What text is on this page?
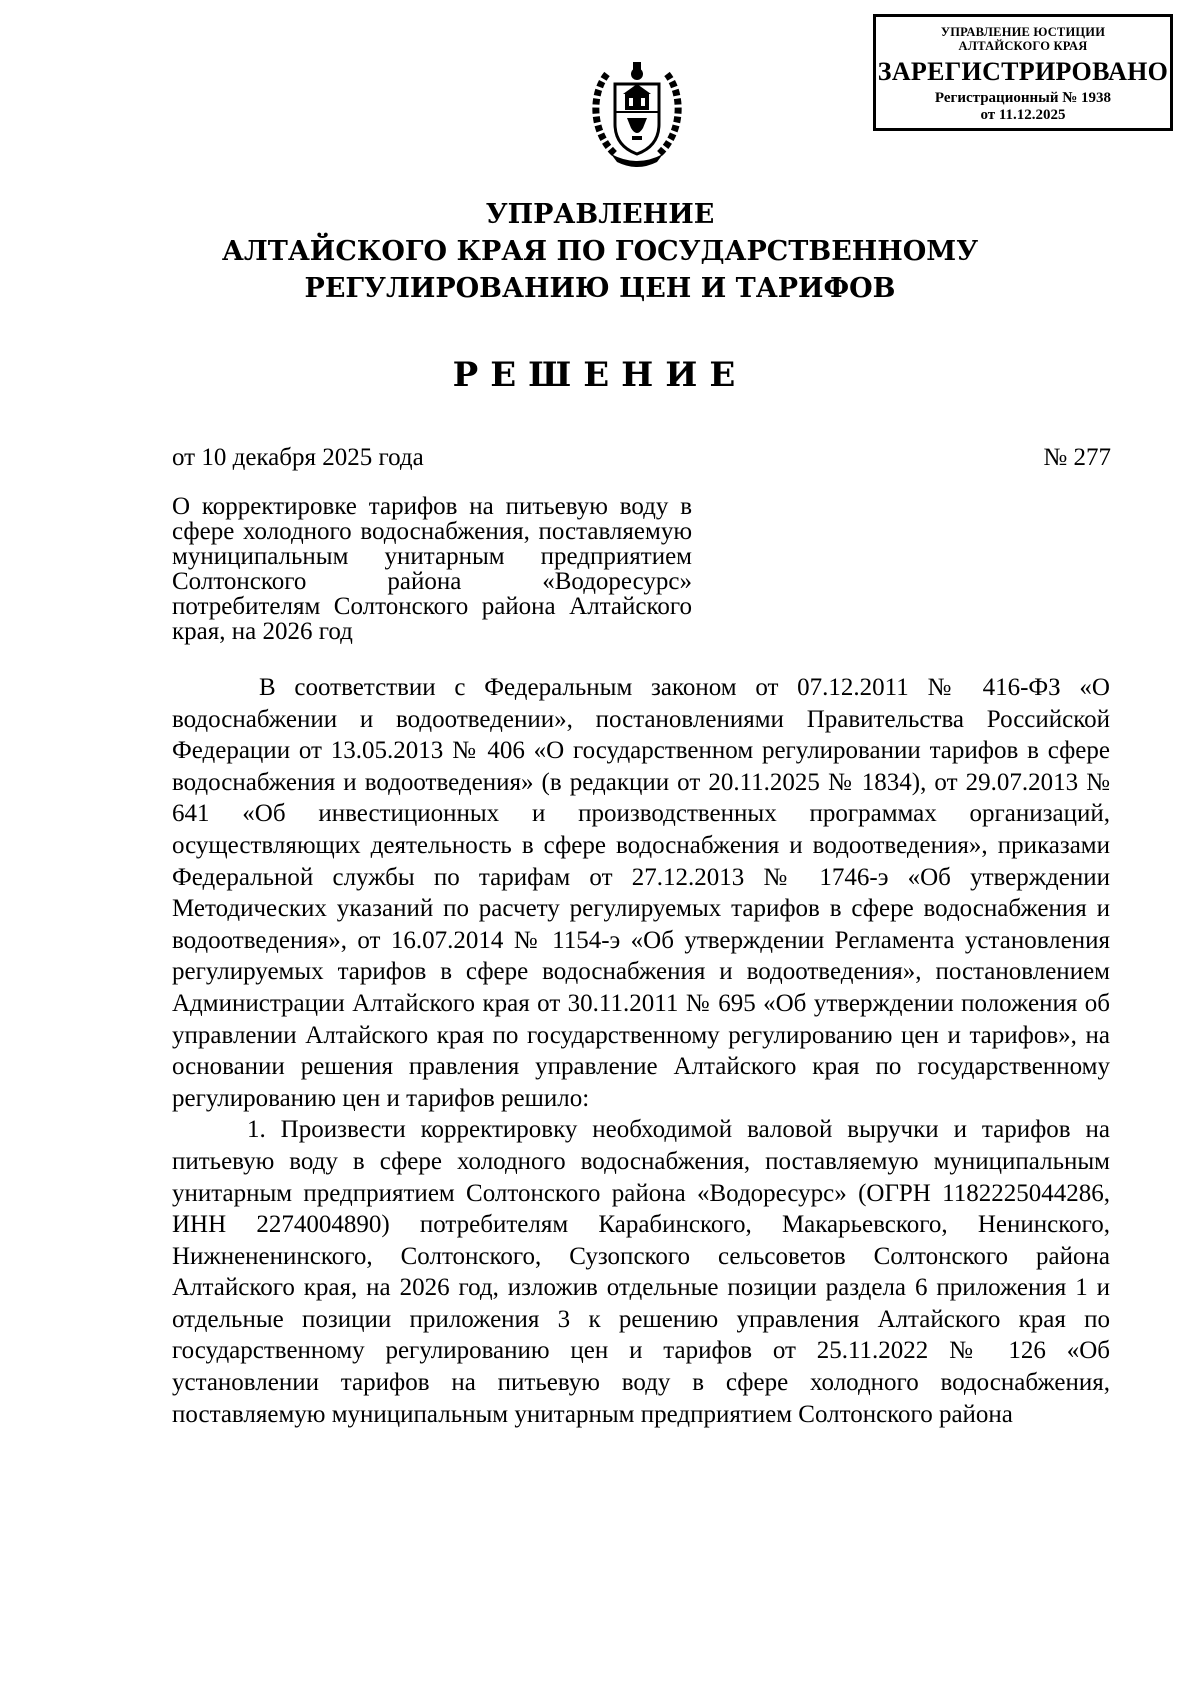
УПРАВЛЕНИЕ ЮСТИЦИИ
АЛТАЙСКОГО КРАЯ
ЗАРЕГИСТРИРОВАНО
Регистрационный № 1938
от 11.12.2025
УПРАВЛЕНИЕ
АЛТАЙСКОГО КРАЯ ПО ГОСУДАРСТВЕННОМУ
РЕГУЛИРОВАНИЮ ЦЕН И ТАРИФОВ
РЕШЕНИЕ
от 10 декабря 2025 года	№ 277
О корректировке тарифов на питьевую воду в сфере холодного водоснабжения, поставляемую муниципальным унитарным предприятием Солтонского района «Водоресурс» потребителям Солтонского района Алтайского края, на 2026 год

В соответствии с Федеральным законом от 07.12.2011 № 416-ФЗ «О водоснабжении и водоотведении», постановлениями Правительства Российской Федерации от 13.05.2013 № 406 «О государственном регулировании тарифов в сфере водоснабжения и водоотведения» (в редакции от 20.11.2025 № 1834), от 29.07.2013 № 641 «Об инвестиционных и производственных программах организаций, осуществляющих деятельность в сфере водоснабжения и водоотведения», приказами Федеральной службы по тарифам от 27.12.2013 № 1746-э «Об утверждении Методических указаний по расчету регулируемых тарифов в сфере водоснабжения и водоотведения», от 16.07.2014 № 1154-э «Об утверждении Регламента установления регулируемых тарифов в сфере водоснабжения и водоотведения», постановлением Администрации Алтайского края от 30.11.2011 № 695 «Об утверждении положения об управлении Алтайского края по государственному регулированию цен и тарифов», на основании решения правления управление Алтайского края по государственному регулированию цен и тарифов решило:

1. Произвести корректировку необходимой валовой выручки и тарифов на питьевую воду в сфере холодного водоснабжения, поставляемую муниципальным унитарным предприятием Солтонского района «Водоресурс» (ОГРН 1182225044286, ИНН 2274004890) потребителям Карабинского, Макарьевского, Ненинского, Нижнененинского, Солтонского, Сузопского сельсоветов Солтонского района Алтайского края, на 2026 год, изложив отдельные позиции раздела 6 приложения 1 и отдельные позиции приложения 3 к решению управления Алтайского края по государственному регулированию цен и тарифов от 25.11.2022 № 126 «Об установлении тарифов на питьевую воду в сфере холодного водоснабжения, поставляемую муниципальным унитарным предприятием Солтонского района
